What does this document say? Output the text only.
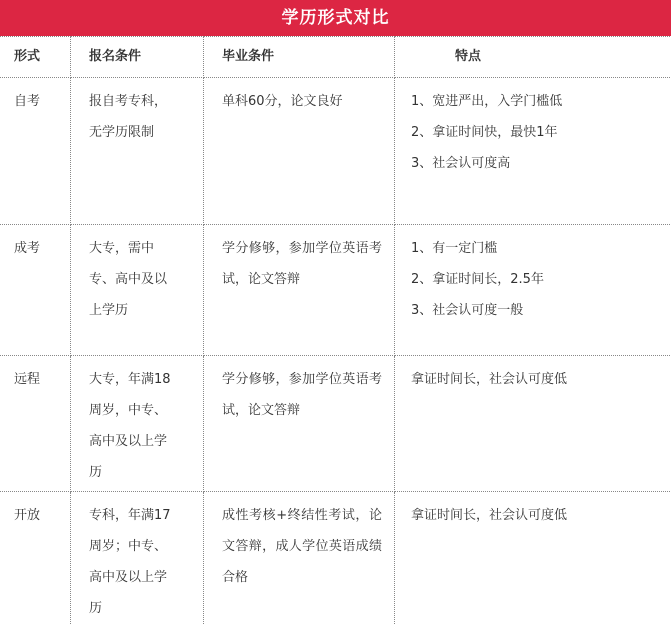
学历形式对比
形式	报名条件	毕业条件	特点

自考	报自考专科，
无学历限制	单科60分，论文良好	1、宽进严出，入学门槛低
2、拿证时间快，最快1年
3、社会认可度高

成考	大专，需中
专、高中及以
上学历	学分修够，参加学位英语考试，论文答辩	1、有一定门槛
2、拿证时间长，2.5年
3、社会认可度一般

远程	大专，年满18
周岁，中专、
高中及以上学
历	学分修够，参加学位英语考试，论文答辩	拿证时间长，社会认可度低

开放	专科，年满17
周岁；中专、
高中及以上学
历	成性考核+终结性考试，论文答辩，成人学位英语成绩合格	拿证时间长，社会认可度低
